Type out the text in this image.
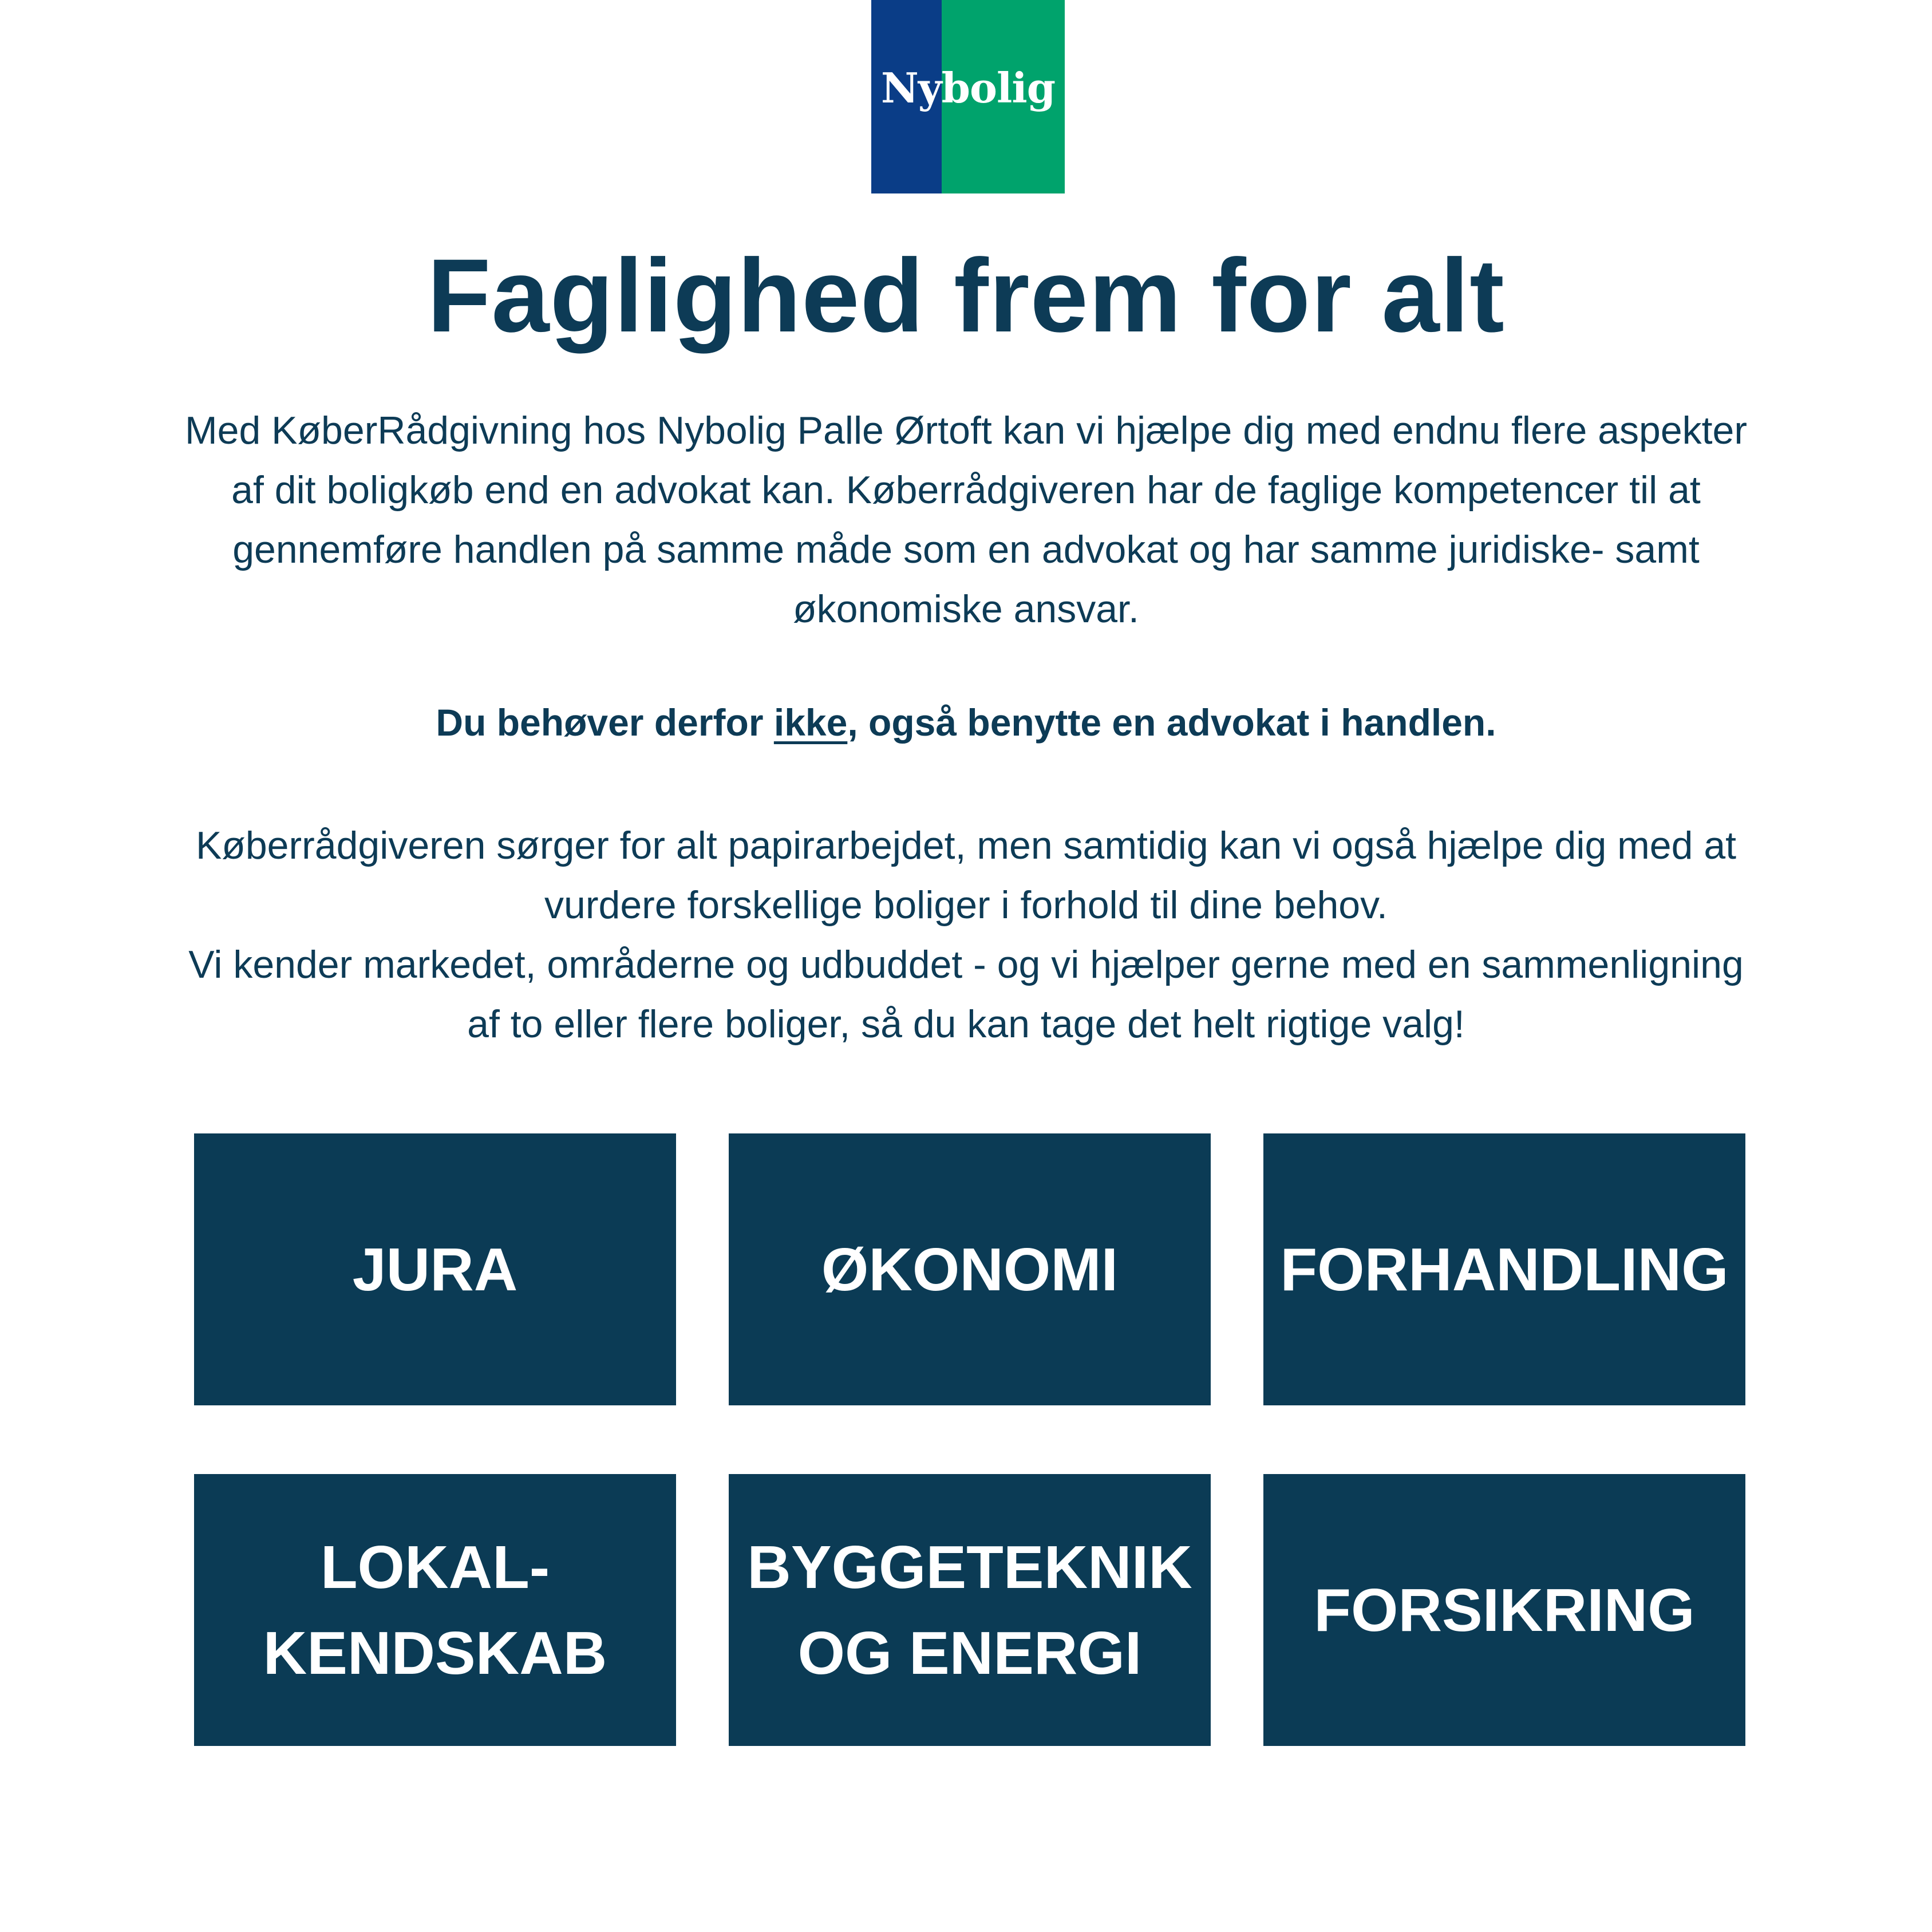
Nybolig
Faglighed frem for alt

Med KøberRådgivning hos Nybolig Palle Ørtoft kan vi hjælpe dig med endnu flere aspekter af dit boligkøb end en advokat kan. Køberrådgiveren har de faglige kompetencer til at gennemføre handlen på samme måde som en advokat og har samme juridiske- samt økonomiske ansvar.

Du behøver derfor ikke, også benytte en advokat i handlen.

Køberrådgiveren sørger for alt papirarbejdet, men samtidig kan vi også hjælpe dig med at vurdere forskellige boliger i forhold til dine behov.
Vi kender markedet, områderne og udbuddet - og vi hjælper gerne med en sammenligning af to eller flere boliger, så du kan tage det helt rigtige valg!

JURA	ØKONOMI	FORHANDLING
LOKAL-
KENDSKAB
BYGGETEKNIK
OG ENERGI
FORSIKRING
